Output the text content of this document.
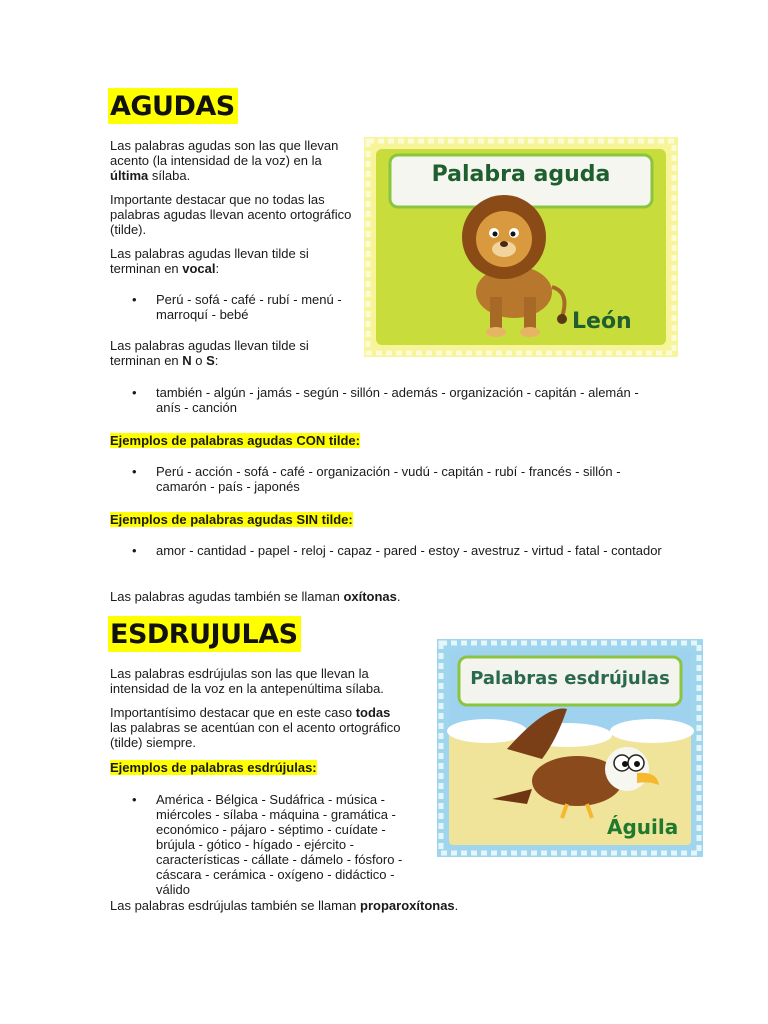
AGUDAS

Las palabras agudas son las que llevan acento (la intensidad de la voz) en la última sílaba.

Importante destacar que no todas las palabras agudas llevan acento ortográfico (tilde).

Las palabras agudas llevan tilde si terminan en vocal:

• Perú - sofá - café - rubí - menú - marroquí - bebé

Las palabras agudas llevan tilde si terminan en N o S:

• también - algún - jamás - según - sillón - además - organización - capitán - alemán - anís - canción
Ejemplos de palabras agudas CON tilde:
• Perú - acción - sofá - café - organización - vudú - capitán - rubí - francés - sillón - camarón - país - japonés
Ejemplos de palabras agudas SIN tilde:
• amor - cantidad - papel - reloj - capaz - pared - estoy - avestruz - virtud - fatal - contador

Las palabras agudas también se llaman oxítonas.

Palabra aguda
León
ESDRUJULAS

Las palabras esdrújulas son las que llevan la intensidad de la voz en la antepenúltima sílaba.

Importantísimo destacar que en este caso todas las palabras se acentúan con el acento ortográfico (tilde) siempre.

Ejemplos de palabras esdrújulas:
• América - Bélgica - Sudáfrica - música - miércoles - sílaba - máquina - gramática - económico - pájaro - séptimo - cuídate - brújula - gótico - hígado - ejército - características - cállate - dámelo - fósforo - cáscara - cerámica - oxígeno - didáctico - válido

Las palabras esdrújulas también se llaman proparoxítonas.

Palabras esdrújulas
Águila
